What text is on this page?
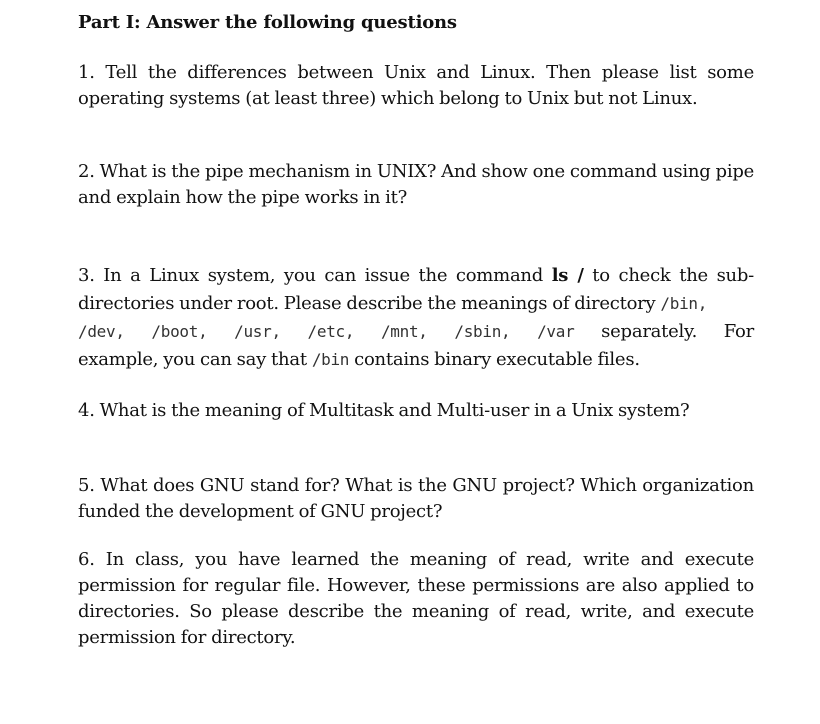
Part I: Answer the following questions

1. Tell the differences between Unix and Linux. Then please list some operating systems (at least three) which belong to Unix but not Linux.

2. What is the pipe mechanism in UNIX? And show one command using pipe and explain how the pipe works in it?

3. In a Linux system, you can issue the command ls / to check the sub-directories under root. Please describe the meanings of directory /bin,
/dev, /boot, /usr, /etc, /mnt, /sbin, /var separately. For
example, you can say that /bin contains binary executable files.

4. What is the meaning of Multitask and Multi-user in a Unix system?

5. What does GNU stand for? What is the GNU project? Which organization funded the development of GNU project?

6. In class, you have learned the meaning of read, write and execute permission for regular file. However, these permissions are also applied to directories. So please describe the meaning of read, write, and execute permission for directory.
